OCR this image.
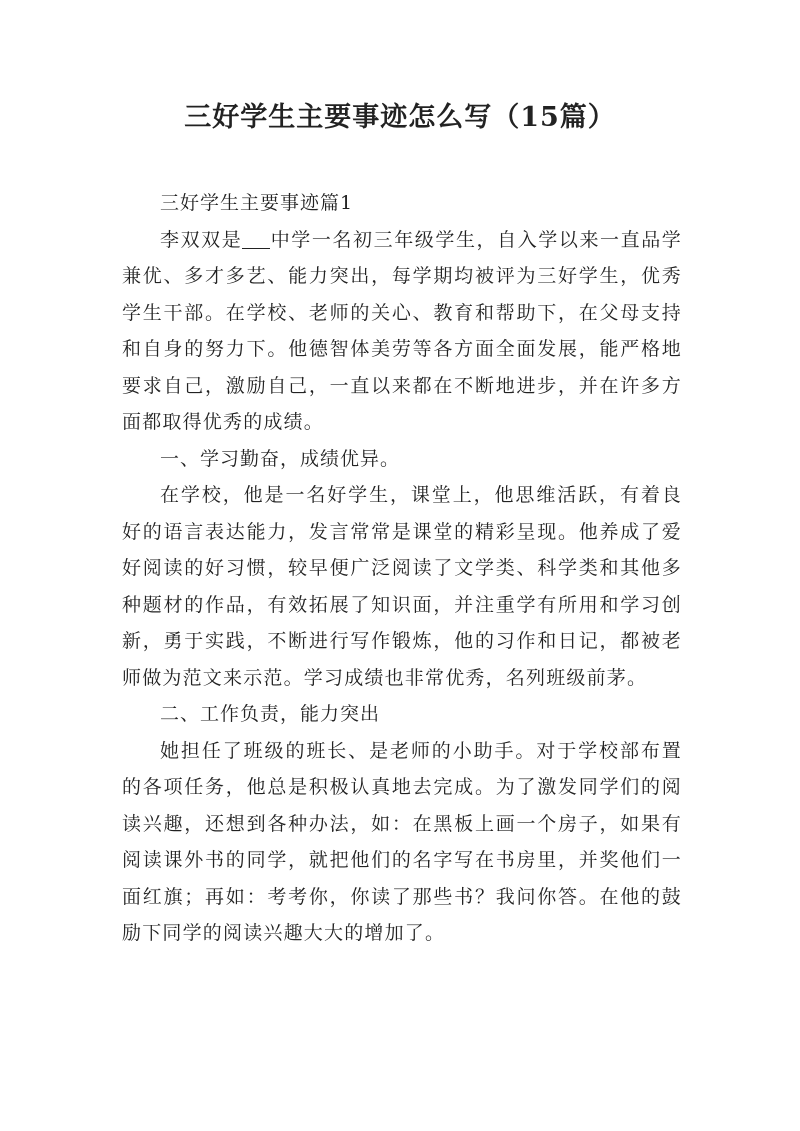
三好学生主要事迹怎么写（15篇）

三好学生主要事迹篇1

李双双是 中学一名初三年级学生，自入学以来一直品学兼优、多才多艺、能力突出，每学期均被评为三好学生，优秀学生干部。在学校、老师的关心、教育和帮助下，在父母支持和自身的努力下。他德智体美劳等各方面全面发展，能严格地要求自己，激励自己，一直以来都在不断地进步，并在许多方面都取得优秀的成绩。

一、学习勤奋，成绩优异。

在学校，他是一名好学生，课堂上，他思维活跃，有着良好的语言表达能力，发言常常是课堂的精彩呈现。他养成了爱好阅读的好习惯，较早便广泛阅读了文学类、科学类和其他多种题材的作品，有效拓展了知识面，并注重学有所用和学习创新，勇于实践，不断进行写作锻炼，他的习作和日记，都被老师做为范文来示范。学习成绩也非常优秀，名列班级前茅。

二、工作负责，能力突出

她担任了班级的班长、是老师的小助手。对于学校部布置的各项任务，他总是积极认真地去完成。为了激发同学们的阅读兴趣，还想到各种办法，如：在黑板上画一个房子，如果有阅读课外书的同学，就把他们的名字写在书房里，并奖他们一面红旗；再如：考考你，你读了那些书？我问你答。在他的鼓励下同学的阅读兴趣大大的增加了。
